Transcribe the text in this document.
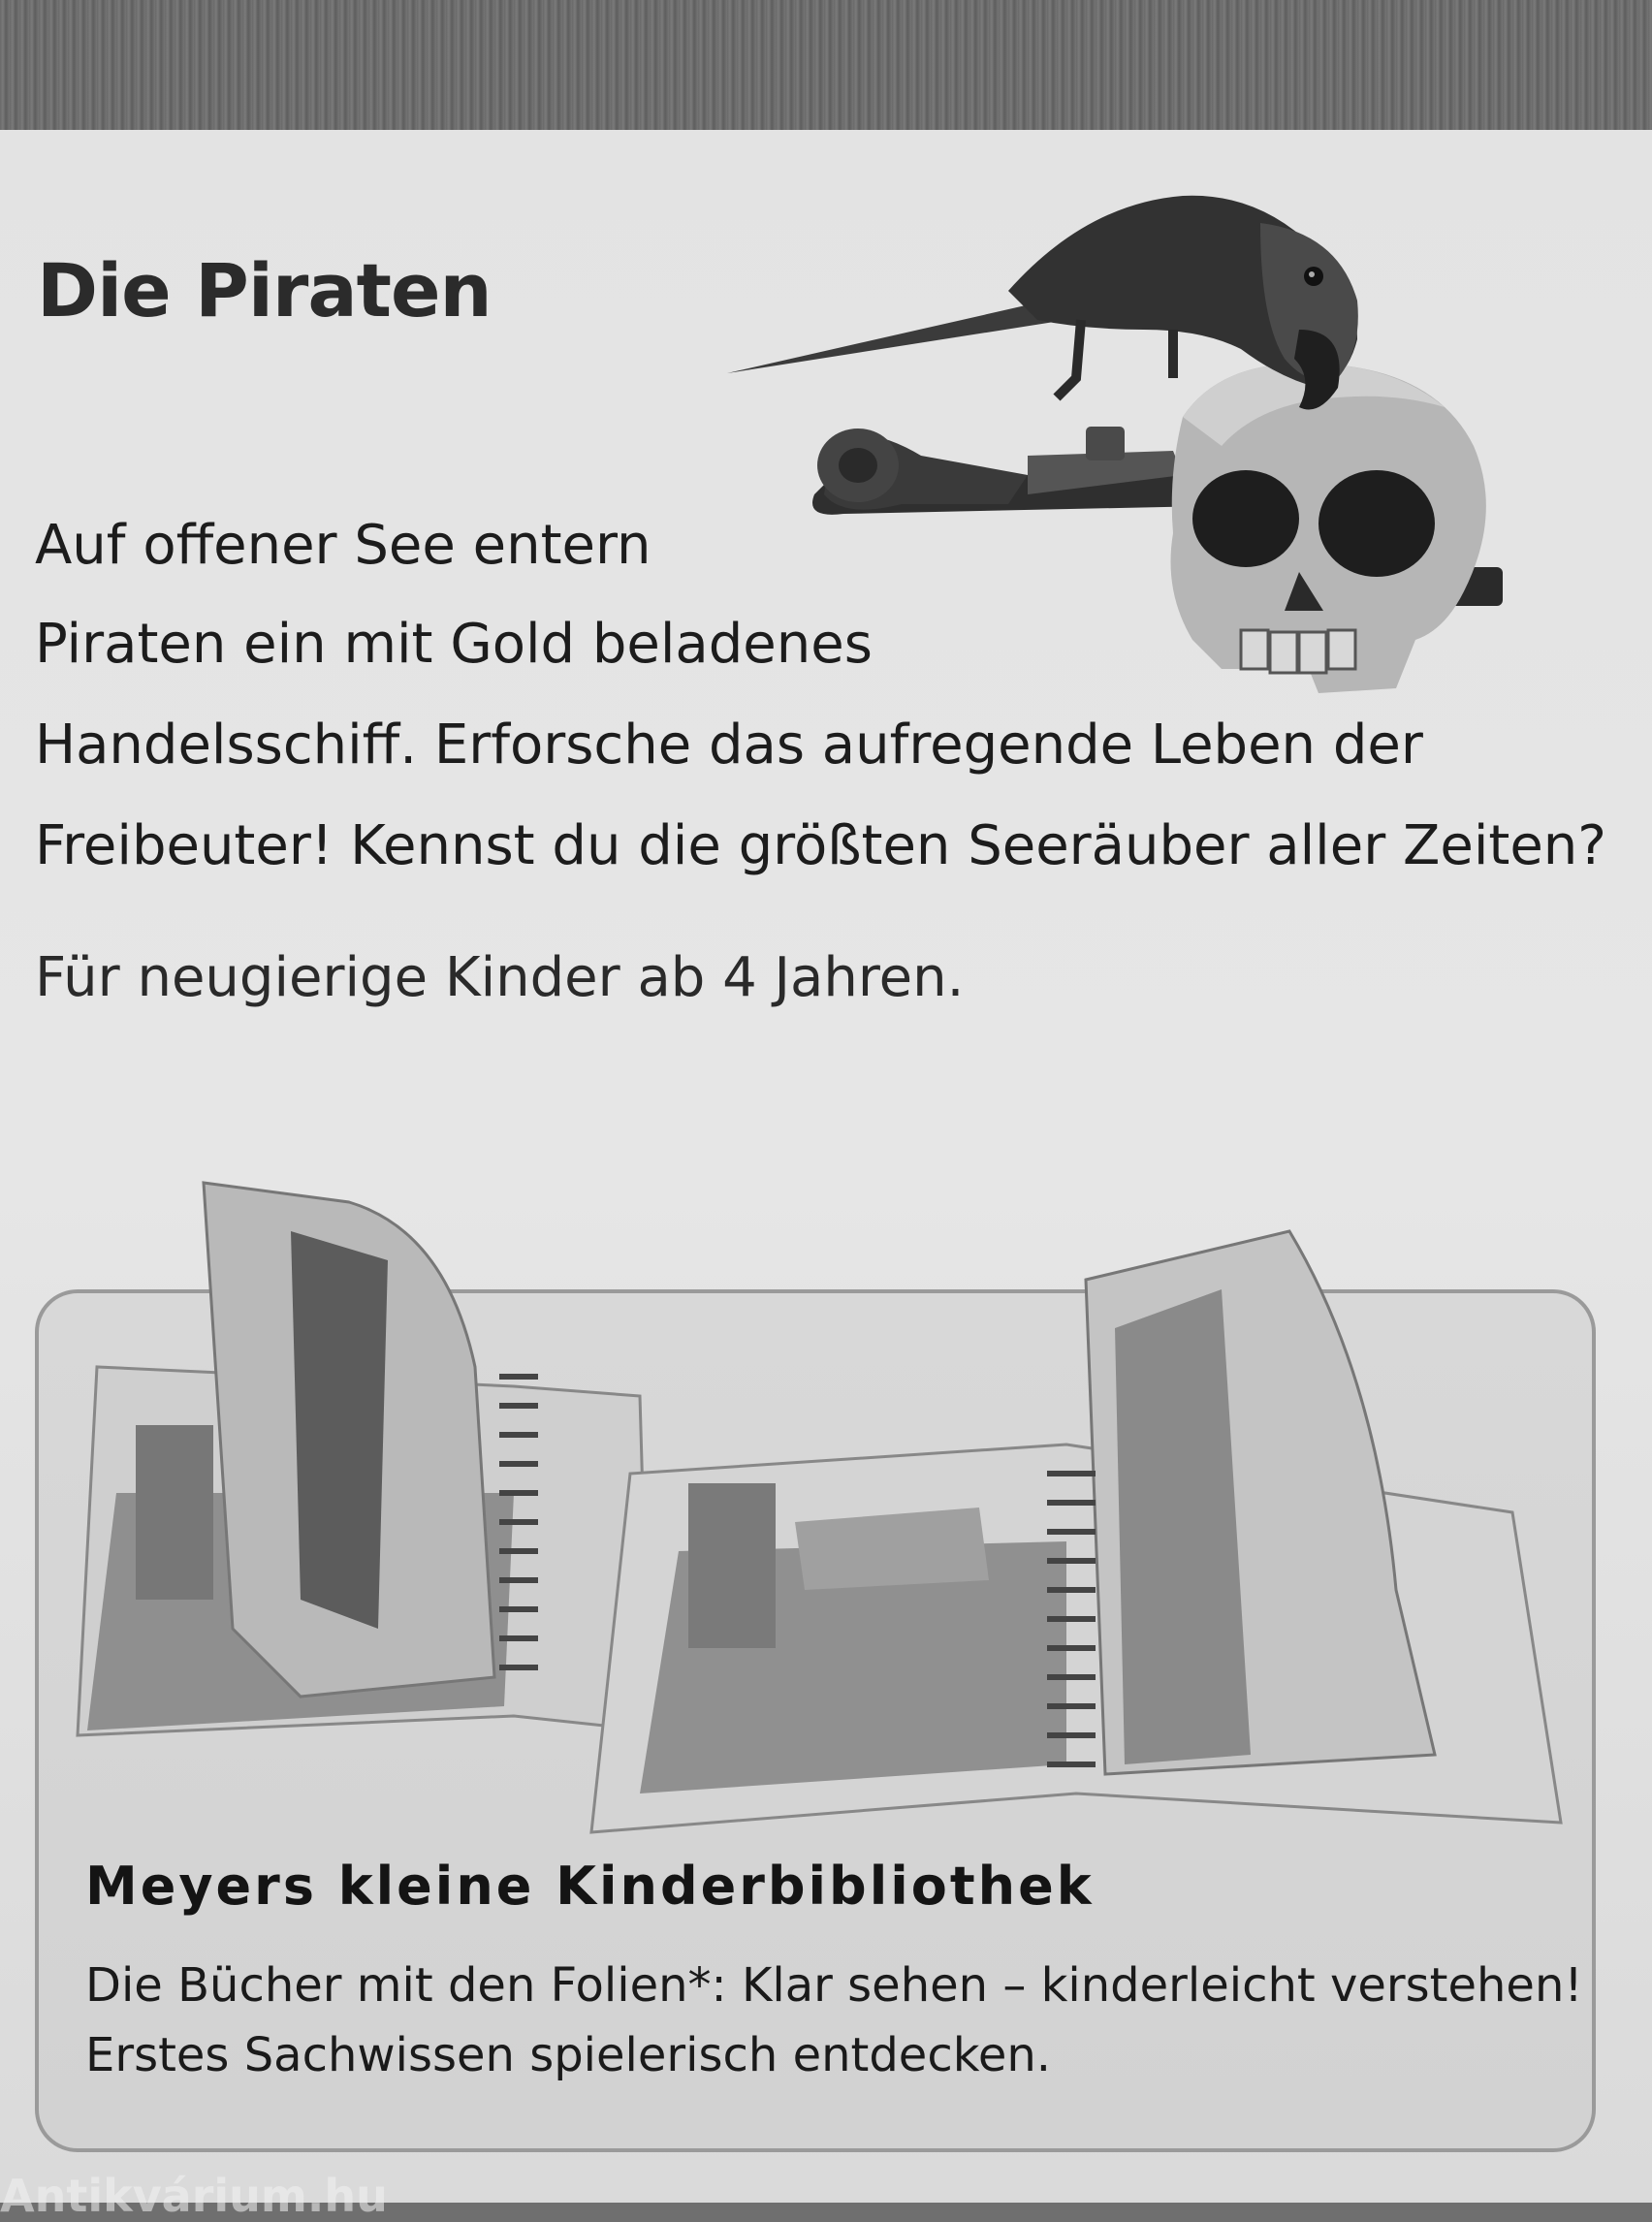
Die Piraten

Auf offener See entern

Piraten ein mit Gold beladenes

Handelsschiff. Erforsche das aufregende Leben der

Freibeuter! Kennst du die größten Seeräuber aller Zeiten?

Für neugierige Kinder ab 4 Jahren.

Meyers kleine Kinderbibliothek

Die Bücher mit den Folien*: Klar sehen – kinderleicht verstehen!

Erstes Sachwissen spielerisch entdecken.

Antikvárium.hu
